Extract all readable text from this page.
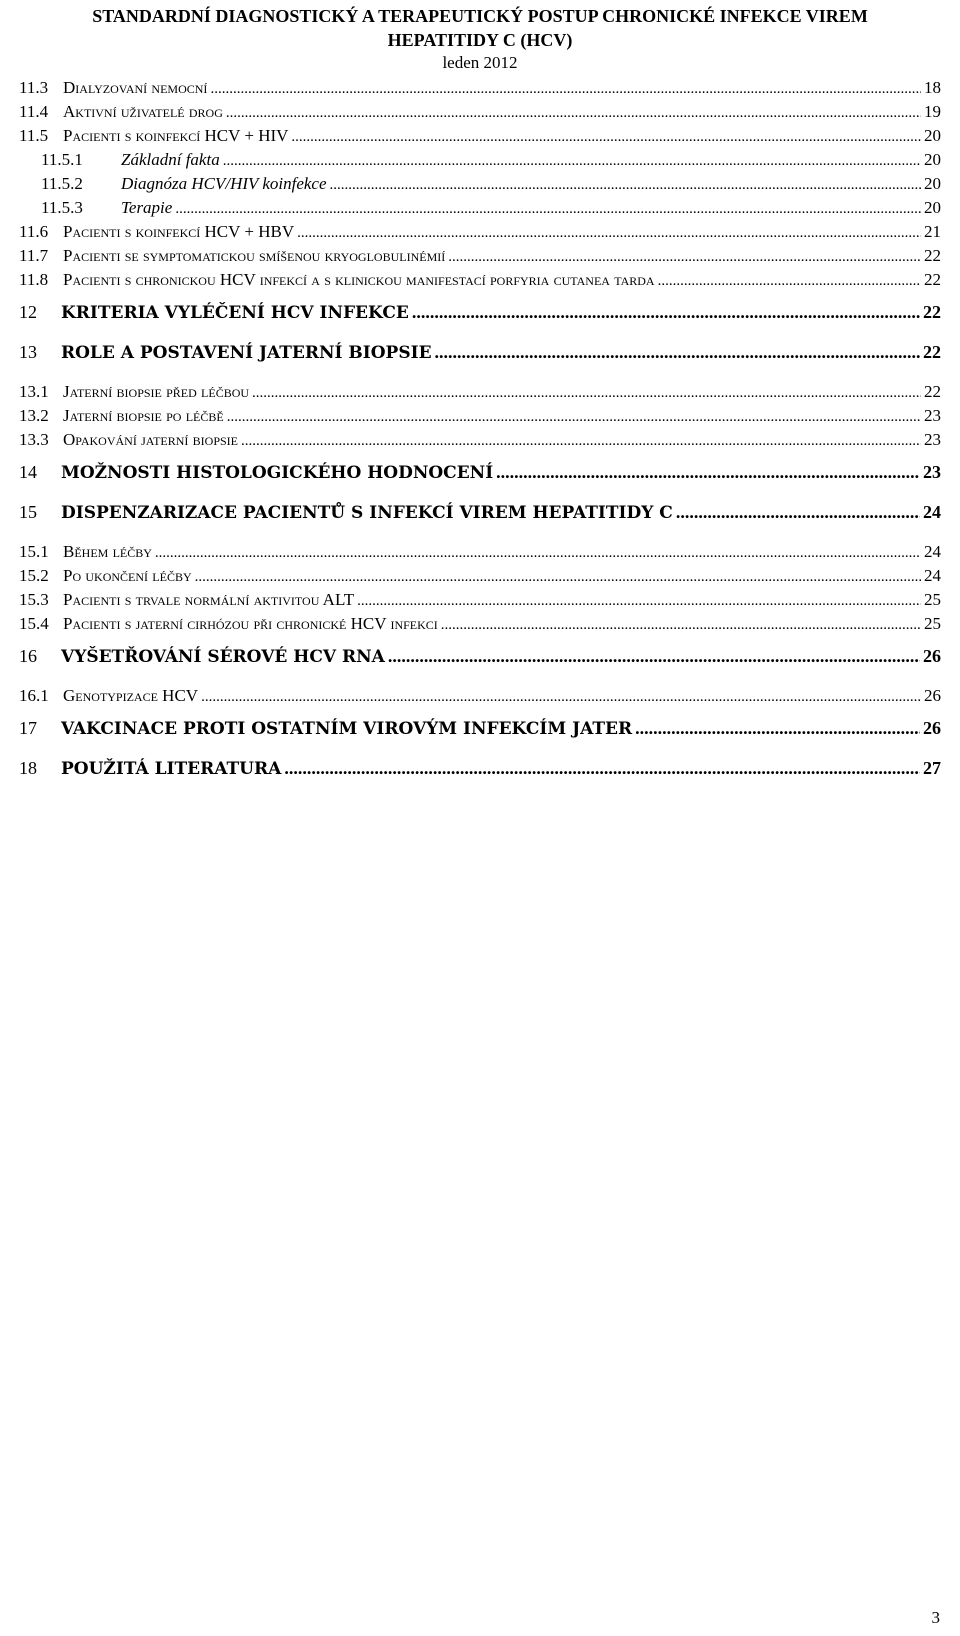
STANDARDNÍ DIAGNOSTICKÝ A TERAPEUTICKÝ POSTUP CHRONICKÉ INFEKCE VIREM
HEPATITIDY C (HCV)
leden 2012
11.3 Dialyzovaní nemocní .....	18
11.4 Aktivní uživatelé drog .....	19
11.5 Pacienti s koinfekcí HCV + HIV .....	20
11.5.1	Základní fakta .....	20
11.5.2	Diagnóza HCV/HIV koinfekce .....	20
11.5.3	Terapie .....	20
11.6 Pacienti s koinfekcí HCV + HBV .....	21
11.7 Pacienti se symptomatickou smíšenou kryoglobulinémií .....	22
11.8 Pacienti s chronickou HCV infekcí a s klinickou manifestací porfyria cutanea tarda .....	22
12	KRITERIA VYLÉČENÍ HCV INFEKCE .....	22
13	ROLE A POSTAVENÍ JATERNÍ BIOPSIE .....	22
13.1 Jaterní biopsie před léčbou .....	22
13.2 Jaterní biopsie po léčbě .....	23
13.3 Opakování jaterní biopsie .....	23
14	MOŽNOSTI HISTOLOGICKÉHO HODNOCENÍ .....	23
15	DISPENZARIZACE PACIENTŮ S INFEKCÍ VIREM HEPATITIDY C .....	24
15.1 Během léčby .....	24
15.2 Po ukončení léčby .....	24
15.3 Pacienti s trvale normální aktivitou ALT .....	25
15.4 Pacienti s jaterní cirhózou při chronické HCV infekci .....	25
16	VYŠETŘOVÁNÍ SÉROVÉ HCV RNA .....	26
16.1 Genotypizace HCV .....	26
17	VAKCINACE PROTI OSTATNÍM VIROVÝM INFEKCÍM JATER .....	26
18	POUŽITÁ LITERATURA .....	27
3
